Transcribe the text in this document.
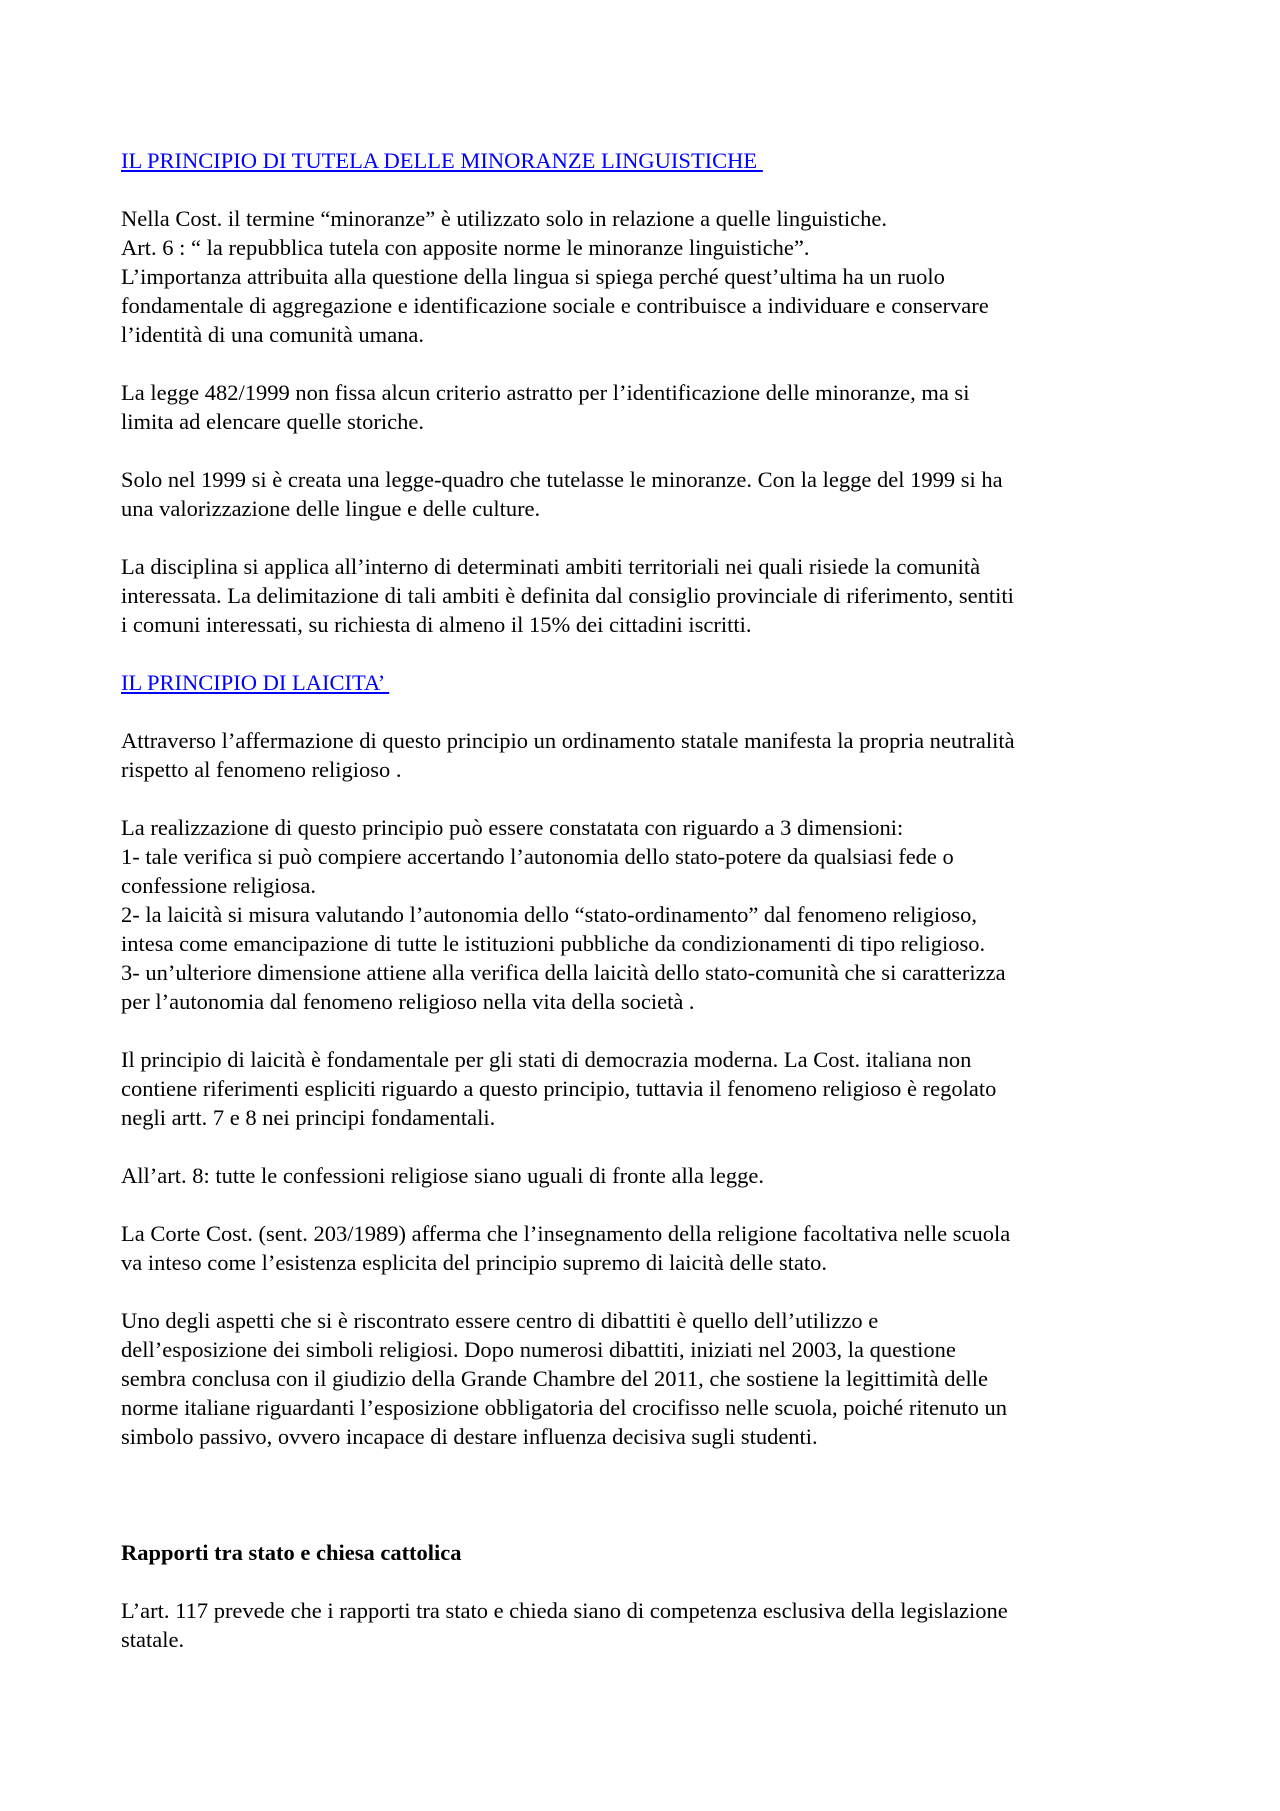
IL PRINCIPIO DI TUTELA DELLE MINORANZE LINGUISTICHE
Nella Cost. il termine “minoranze” è utilizzato solo in relazione a quelle linguistiche.
Art. 6 : “ la repubblica tutela con apposite norme le minoranze linguistiche”.
L’importanza attribuita alla questione della lingua si spiega perché quest’ultima ha un ruolo
fondamentale di aggregazione e identificazione sociale e contribuisce a individuare e conservare
l’identità di una comunità umana.
La legge 482/1999 non fissa alcun criterio astratto per l’identificazione delle minoranze, ma si
limita ad elencare quelle storiche.
Solo nel 1999 si è creata una legge-quadro che tutelasse le minoranze. Con la legge del 1999 si ha
una valorizzazione delle lingue e delle culture.
La disciplina si applica all’interno di determinati ambiti territoriali nei quali risiede la comunità
interessata. La delimitazione di tali ambiti è definita dal consiglio provinciale di riferimento, sentiti
i comuni interessati, su richiesta di almeno il 15% dei cittadini iscritti.
IL PRINCIPIO DI LAICITA’
Attraverso l’affermazione di questo principio un ordinamento statale manifesta la propria neutralità
rispetto al fenomeno religioso .
La realizzazione di questo principio può essere constatata con riguardo a 3 dimensioni:
1- tale verifica si può compiere accertando l’autonomia dello stato-potere da qualsiasi fede o
confessione religiosa.
2- la laicità si misura valutando l’autonomia dello “stato-ordinamento” dal fenomeno religioso,
intesa come emancipazione di tutte le istituzioni pubbliche da condizionamenti di tipo religioso.
3- un’ulteriore dimensione attiene alla verifica della laicità dello stato-comunità che si caratterizza
per l’autonomia dal fenomeno religioso nella vita della società .
Il principio di laicità è fondamentale per gli stati di democrazia moderna. La Cost. italiana non
contiene riferimenti espliciti riguardo a questo principio, tuttavia il fenomeno religioso è regolato
negli artt. 7 e 8 nei principi fondamentali.
All’art. 8: tutte le confessioni religiose siano uguali di fronte alla legge.
La Corte Cost. (sent. 203/1989) afferma che l’insegnamento della religione facoltativa nelle scuola
va inteso come l’esistenza esplicita del principio supremo di laicità delle stato.
Uno degli aspetti che si è riscontrato essere centro di dibattiti è quello dell’utilizzo e
dell’esposizione dei simboli religiosi. Dopo numerosi dibattiti, iniziati nel 2003, la questione
sembra conclusa con il giudizio della Grande Chambre del 2011, che sostiene la legittimità delle
norme italiane riguardanti l’esposizione obbligatoria del crocifisso nelle scuola, poiché ritenuto un
simbolo passivo, ovvero incapace di destare influenza decisiva sugli studenti.
Rapporti tra stato e chiesa cattolica
L’art. 117 prevede che i rapporti tra stato e chieda siano di competenza esclusiva della legislazione
statale.
